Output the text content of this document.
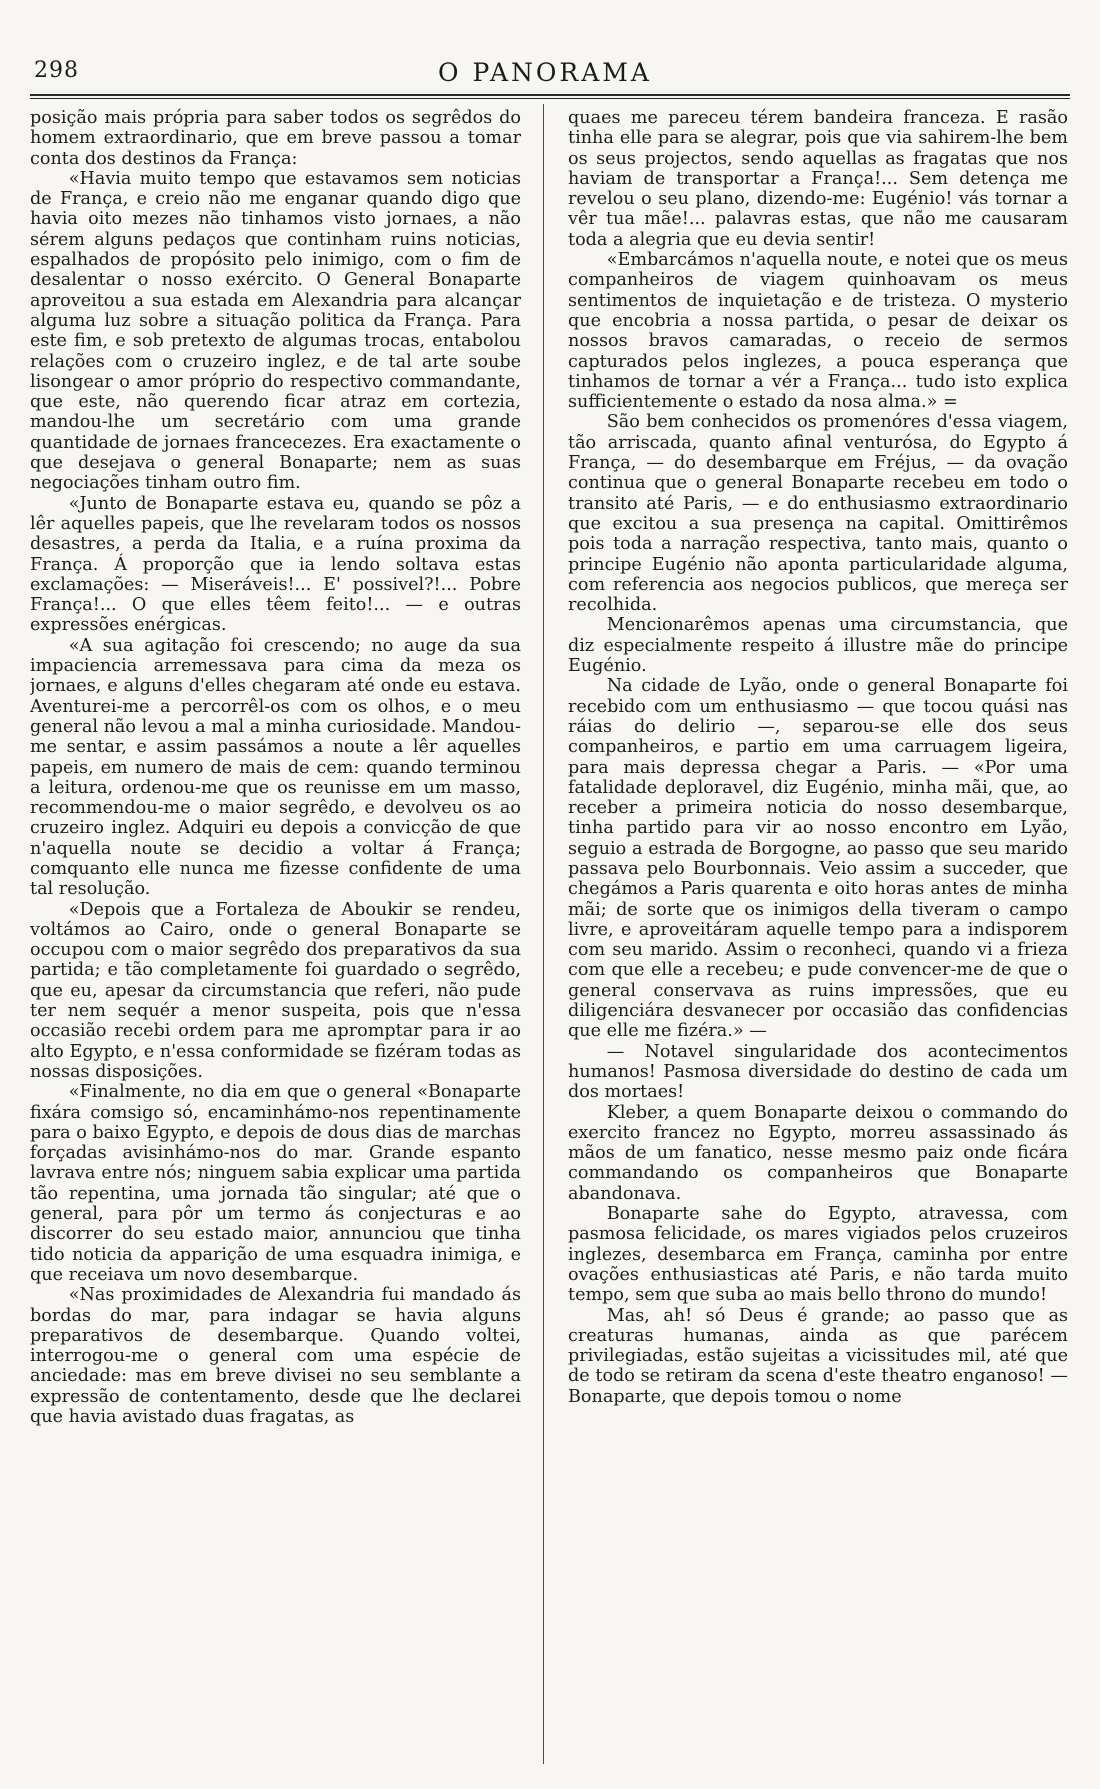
298	O PANORAMA

posição mais própria para saber todos os segrêdos do homem extraordinario, que em breve passou a tomar conta dos destinos da França:

«Havia muito tempo que estavamos sem noticias de França, e creio não me enganar quando digo que havia oito mezes não tinhamos visto jornaes, a não sérem alguns pedaços que continham ruins noticias, espalhados de propósito pelo inimigo, com o fim de desalentar o nosso exército. O General Bonaparte aproveitou a sua estada em Alexandria para alcançar alguma luz sobre a situação politica da França. Para este fim, e sob pretexto de algumas trocas, entabolou relações com o cruzeiro inglez, e de tal arte soube lisongear o amor próprio do respectivo commandante, que este, não querendo ficar atraz em cortezia, mandou-lhe um secretário com uma grande quantidade de jornaes francecezes. Era exactamente o que desejava o general Bonaparte; nem as suas negociações tinham outro fim.

«Junto de Bonaparte estava eu, quando se pôz a lêr aquelles papeis, que lhe revelaram todos os nossos desastres, a perda da Italia, e a ruína proxima da França. Á proporção que ia lendo soltava estas exclamações: — Miseráveis!... E' possivel?!... Pobre França!... O que elles têem feito!... — e outras expressões enérgicas.

«A sua agitação foi crescendo; no auge da sua impaciencia arremessava para cima da meza os jornaes, e alguns d'elles chegaram até onde eu estava. Aventurei-me a percorrêl-os com os olhos, e o meu general não levou a mal a minha curiosidade. Mandou-me sentar, e assim passámos a noute a lêr aquelles papeis, em numero de mais de cem: quando terminou a leitura, ordenou-me que os reunisse em um masso, recommendou-me o maior segrêdo, e devolveu os ao cruzeiro inglez. Adquiri eu depois a convicção de que n'aquella noute se decidio a voltar á França; comquanto elle nunca me fizesse confidente de uma tal resolução.

«Depois que a Fortaleza de Aboukir se rendeu, voltámos ao Cairo, onde o general Bonaparte se occupou com o maior segrêdo dos preparativos da sua partida; e tão completamente foi guardado o segrêdo, que eu, apesar da circumstancia que referi, não pude ter nem sequér a menor suspeita, pois que n'essa occasião recebi ordem para me apromptar para ir ao alto Egypto, e n'essa conformidade se fizéram todas as nossas disposições.

«Finalmente, no dia em que o general «Bonaparte fixára comsigo só, encaminhámo-nos repentinamente para o baixo Egypto, e depois de dous dias de marchas forçadas avisinhámo-nos do mar. Grande espanto lavrava entre nós; ninguem sabia explicar uma partida tão repentina, uma jornada tão singular; até que o general, para pôr um termo ás conjecturas e ao discorrer do seu estado maior, annunciou que tinha tido noticia da apparição de uma esquadra inimiga, e que receiava um novo desembarque.

«Nas proximidades de Alexandria fui mandado ás bordas do mar, para indagar se havia alguns preparativos de desembarque. Quando voltei, interrogou-me o general com uma espécie de anciedade: mas em breve divisei no seu semblante a expressão de contentamento, desde que lhe declarei que havia avistado duas fragatas, as

quaes me pareceu térem bandeira franceza. E rasão tinha elle para se alegrar, pois que via sahirem-lhe bem os seus projectos, sendo aquellas as fragatas que nos haviam de transportar a França!... Sem detença me revelou o seu plano, dizendo-me: Eugénio! vás tornar a vêr tua mãe!... palavras estas, que não me causaram toda a alegria que eu devia sentir!

«Embarcámos n'aquella noute, e notei que os meus companheiros de viagem quinhoavam os meus sentimentos de inquietação e de tristeza. O mysterio que encobria a nossa partida, o pesar de deixar os nossos bravos camaradas, o receio de sermos capturados pelos inglezes, a pouca esperança que tinhamos de tornar a vér a França... tudo isto explica sufficientemente o estado da nosa alma.» =

São bem conhecidos os promenóres d'essa viagem, tão arriscada, quanto afinal venturósa, do Egypto á França, — do desembarque em Fréjus, — da ovação continua que o general Bonaparte recebeu em todo o transito até Paris, — e do enthusiasmo extraordinario que excitou a sua presença na capital. Omittirêmos pois toda a narração respectiva, tanto mais, quanto o principe Eugénio não aponta particularidade alguma, com referencia aos negocios publicos, que mereça ser recolhida.

Mencionarêmos apenas uma circumstancia, que diz especialmente respeito á illustre mãe do principe Eugénio.

Na cidade de Lyão, onde o general Bonaparte foi recebido com um enthusiasmo — que tocou quási nas ráias do delirio —, separou-se elle dos seus companheiros, e partio em uma carruagem ligeira, para mais depressa chegar a Paris. — «Por uma fatalidade deploravel, diz Eugénio, minha mãi, que, ao receber a primeira noticia do nosso desembarque, tinha partido para vir ao nosso encontro em Lyão, seguio a estrada de Borgogne, ao passo que seu marido passava pelo Bourbonnais. Veio assim a succeder, que chegámos a Paris quarenta e oito horas antes de minha mãi; de sorte que os inimigos della tiveram o campo livre, e aproveitáram aquelle tempo para a indisporem com seu marido. Assim o reconheci, quando vi a frieza com que elle a recebeu; e pude convencer-me de que o general conservava as ruins impressões, que eu diligenciára desvanecer por occasião das confidencias que elle me fizéra.» —

— Notavel singularidade dos acontecimentos humanos! Pasmosa diversidade do destino de cada um dos mortaes!

Kleber, a quem Bonaparte deixou o commando do exercito francez no Egypto, morreu assassinado ás mãos de um fanatico, nesse mesmo paiz onde ficára commandando os companheiros que Bonaparte abandonava.

Bonaparte sahe do Egypto, atravessa, com pasmosa felicidade, os mares vigiados pelos cruzeiros inglezes, desembarca em França, caminha por entre ovações enthusiasticas até Paris, e não tarda muito tempo, sem que suba ao mais bello throno do mundo!

Mas, ah! só Deus é grande; ao passo que as creaturas humanas, ainda as que parécem privilegiadas, estão sujeitas a vicissitudes mil, até que de todo se retiram da scena d'este theatro enganoso! — Bonaparte, que depois tomou o nome
